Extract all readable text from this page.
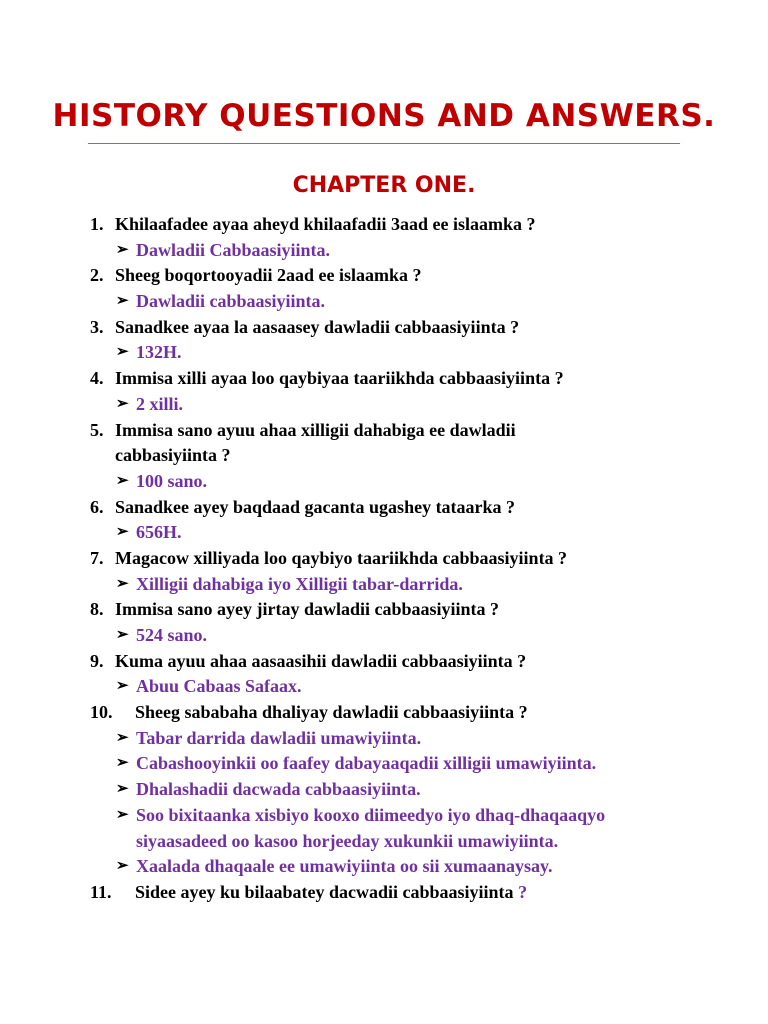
HISTORY QUESTIONS AND ANSWERS.
CHAPTER ONE.
1. Khilaafadee ayaa aheyd khilaafadii 3aad ee islaamka ?
➢ Dawladii Cabbaasiyiinta.
2. Sheeg boqortooyadii 2aad ee islaamka ?
➢ Dawladii cabbaasiyiinta.
3. Sanadkee ayaa la aasaasey dawladii cabbaasiyiinta ?
➢ 132H.
4. Immisa xilli ayaa loo qaybiyaa taariikhda cabbaasiyiinta ?
➢ 2 xilli.
5. Immisa sano ayuu ahaa xilligii dahabiga ee dawladii
cabbasiyiinta ?
➢ 100 sano.
6. Sanadkee ayey baqdaad gacanta ugashey tataarka ?
➢ 656H.
7. Magacow xilliyada loo qaybiyo taariikhda cabbaasiyiinta ?
➢ Xilligii dahabiga iyo Xilligii tabar-darrida.
8. Immisa sano ayey jirtay dawladii cabbaasiyiinta ?
➢ 524 sano.
9. Kuma ayuu ahaa aasaasihii dawladii cabbaasiyiinta ?
➢ Abuu Cabaas Safaax.
10. Sheeg sababaha dhaliyay dawladii cabbaasiyiinta ?
➢ Tabar darrida dawladii umawiyiinta.
➢ Cabashooyinkii oo faafey dabayaaqadii xilligii umawiyiinta.
➢ Dhalashadii dacwada cabbaasiyiinta.
➢ Soo bixitaanka xisbiyo kooxo diimeedyo iyo dhaq-dhaqaaqyo
siyaasadeed oo kasoo horjeeday xukunkii umawiyiinta.
➢ Xaalada dhaqaale ee umawiyiinta oo sii xumaanaysay.
11. Sidee ayey ku bilaabatey dacwadii cabbaasiyiinta ?
